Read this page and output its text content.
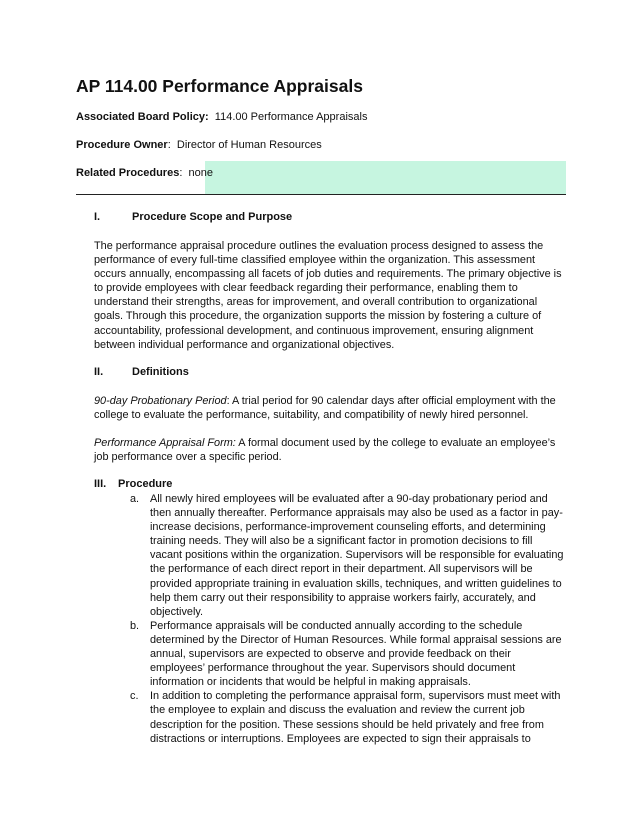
AP 114.00 Performance Appraisals
Associated Board Policy: 114.00 Performance Appraisals
Procedure Owner:  Director of Human Resources
Related Procedures:  none
I.	Procedure Scope and Purpose

The performance appraisal procedure outlines the evaluation process designed to assess the performance of every full-time classified employee within the organization. This assessment occurs annually, encompassing all facets of job duties and requirements. The primary objective is to provide employees with clear feedback regarding their performance, enabling them to understand their strengths, areas for improvement, and overall contribution to organizational goals. Through this procedure, the organization supports the mission by fostering a culture of accountability, professional development, and continuous improvement, ensuring alignment between individual performance and organizational objectives.

II.	Definitions

90-day Probationary Period: A trial period for 90 calendar days after official employment with the college to evaluate the performance, suitability, and compatibility of newly hired personnel.

Performance Appraisal Form: A formal document used by the college to evaluate an employee’s job performance over a specific period.

III. Procedure
a. All newly hired employees will be evaluated after a 90-day probationary period and then annually thereafter. Performance appraisals may also be used as a factor in pay-increase decisions, performance-improvement counseling efforts, and determining training needs. They will also be a significant factor in promotion decisions to fill vacant positions within the organization. Supervisors will be responsible for evaluating the performance of each direct report in their department. All supervisors will be provided appropriate training in evaluation skills, techniques, and written guidelines to help them carry out their responsibility to appraise workers fairly, accurately, and objectively.
b. Performance appraisals will be conducted annually according to the schedule determined by the Director of Human Resources. While formal appraisal sessions are annual, supervisors are expected to observe and provide feedback on their employees’ performance throughout the year. Supervisors should document information or incidents that would be helpful in making appraisals.
c. In addition to completing the performance appraisal form, supervisors must meet with the employee to explain and discuss the evaluation and review the current job description for the position. These sessions should be held privately and free from distractions or interruptions. Employees are expected to sign their appraisals to
